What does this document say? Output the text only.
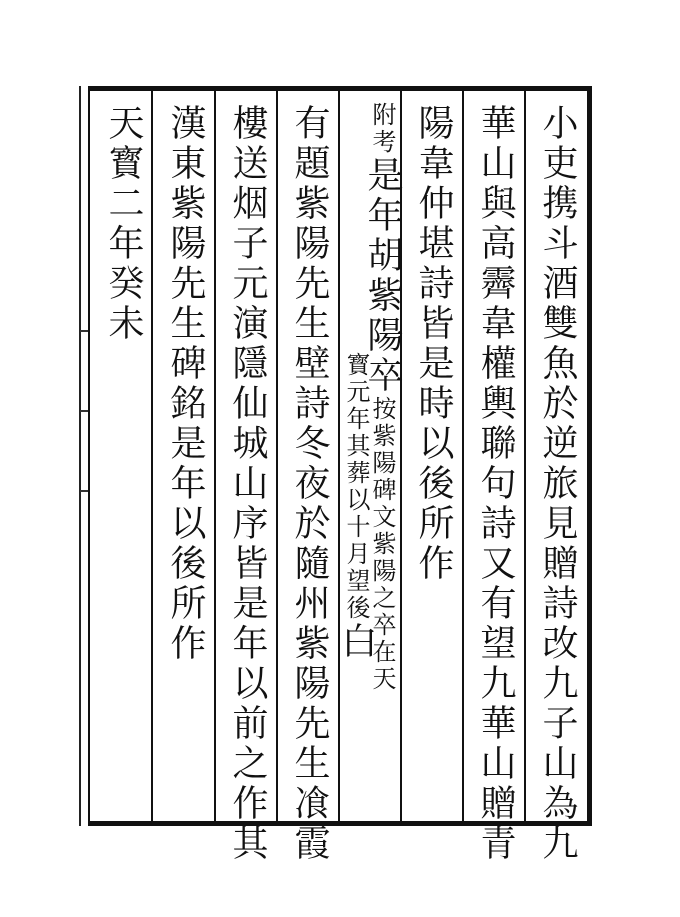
小吏携斗酒雙魚於逆旅見贈詩改九子山為九
華山與高霽韋權輿聯句詩又有望九華山贈青
陽韋仲堪詩皆是時以後所作
附考是年胡紫陽卒按紫陽碑文紫陽之卒在天
寳元年其葬以十月望後白
有題紫陽先生壁詩冬夜於隨州紫陽先生飡霞
樓送烟子元演隱仙城山序皆是年以前之作其
漢東紫陽先生碑銘是年以後所作
天寳二年癸未
